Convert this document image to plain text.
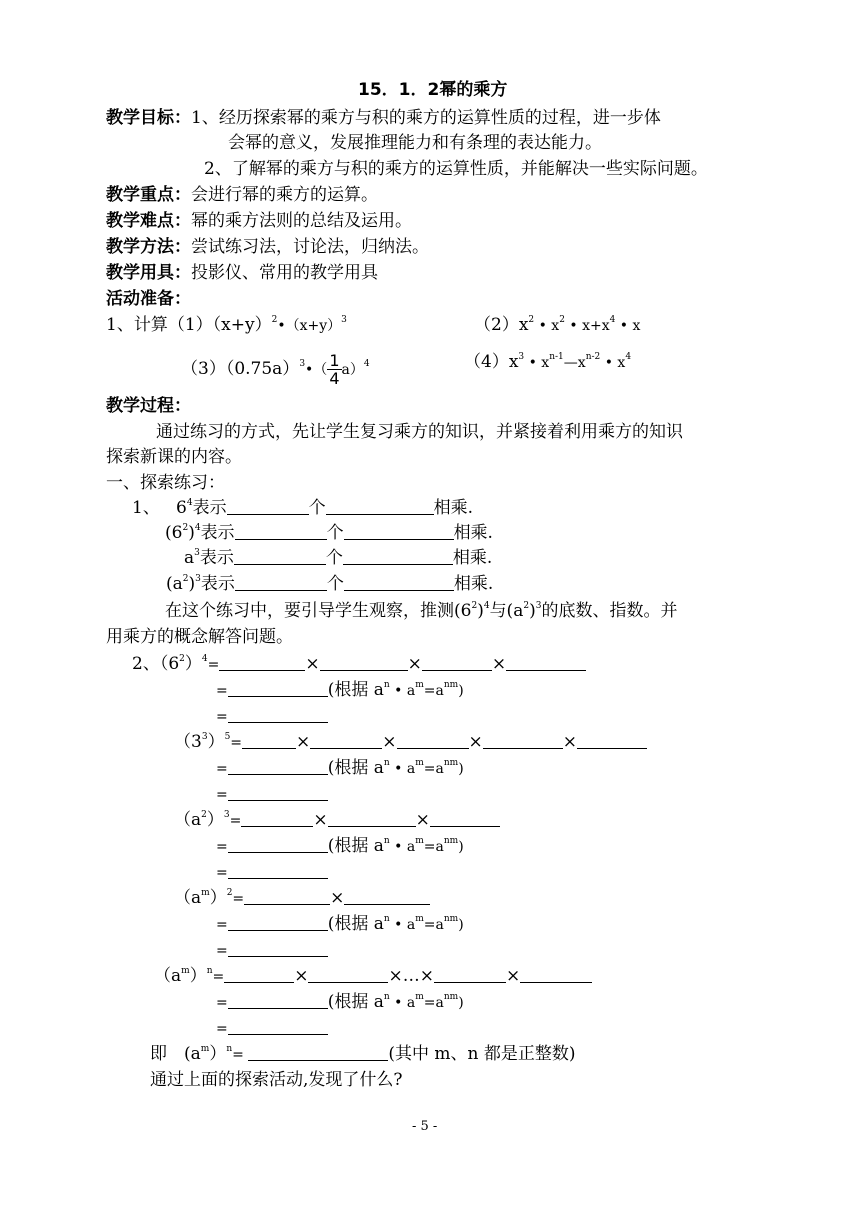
15．1．2幂的乘方
教学目标：1、经历探索幂的乘方与积的乘方的运算性质的过程，进一步体
会幂的意义，发展推理能力和有条理的表达能力。
2、了解幂的乘方与积的乘方的运算性质，并能解决一些实际问题。
教学重点：会进行幂的乘方的运算。
教学难点：幂的乘方法则的总结及运用。
教学方法：尝试练习法，讨论法，归纳法。
教学用具：投影仪、常用的教学用具
活动准备：
1、计算$(1)(x+y)^2•(x+y)^3$	$(2)x^2$ • $x^2$ • $x+x^4$ • x
$(3)(0.75a)^3•( \frac{1}{4} a)^4$	$(4)x^3$ • $x^{n-1}—x^{n-2}$ • $x^4$
教学过程：
通过练习的方式，先让学生复习乘方的知识，并紧接着利用乘方的知识
探索新课的内容。
一、探索练习：
1、   $6^4$表示	个	相乘.
$(6^2)^4$表示	个	相乘.
$a^3$表示	个	相乘.
$(a^2)^3$表示	个	相乘.
在这个练习中，要引导学生观察，推测$(6^2)^4$与$(a^2)^3$的底数、指数。并
用乘方的概念解答问题。
2、$(6^2)^4=$	×	×	×
=	(根据 $a^n$ • $a^m=a^{nm}$)
=
$(3^3)^5=$	×	×	×	×
=	(根据 $a^n$ • $a^m=a^{nm}$)
=
$(a^2)^3=$	×	×
=	(根据 $a^n$ • $a^m=a^{nm}$)
=
$(a^m)^2=$	×
=	(根据 $a^n$ • $a^m=a^{nm}$)
=
$(a^m)^n=$	×	×…×	×
=	(根据 $a^n$ • $a^m=a^{nm}$)
=
即　$(a^m)^n=$	(其中 m、n 都是正整数)
通过上面的探索活动,发现了什么?
- 5 -
